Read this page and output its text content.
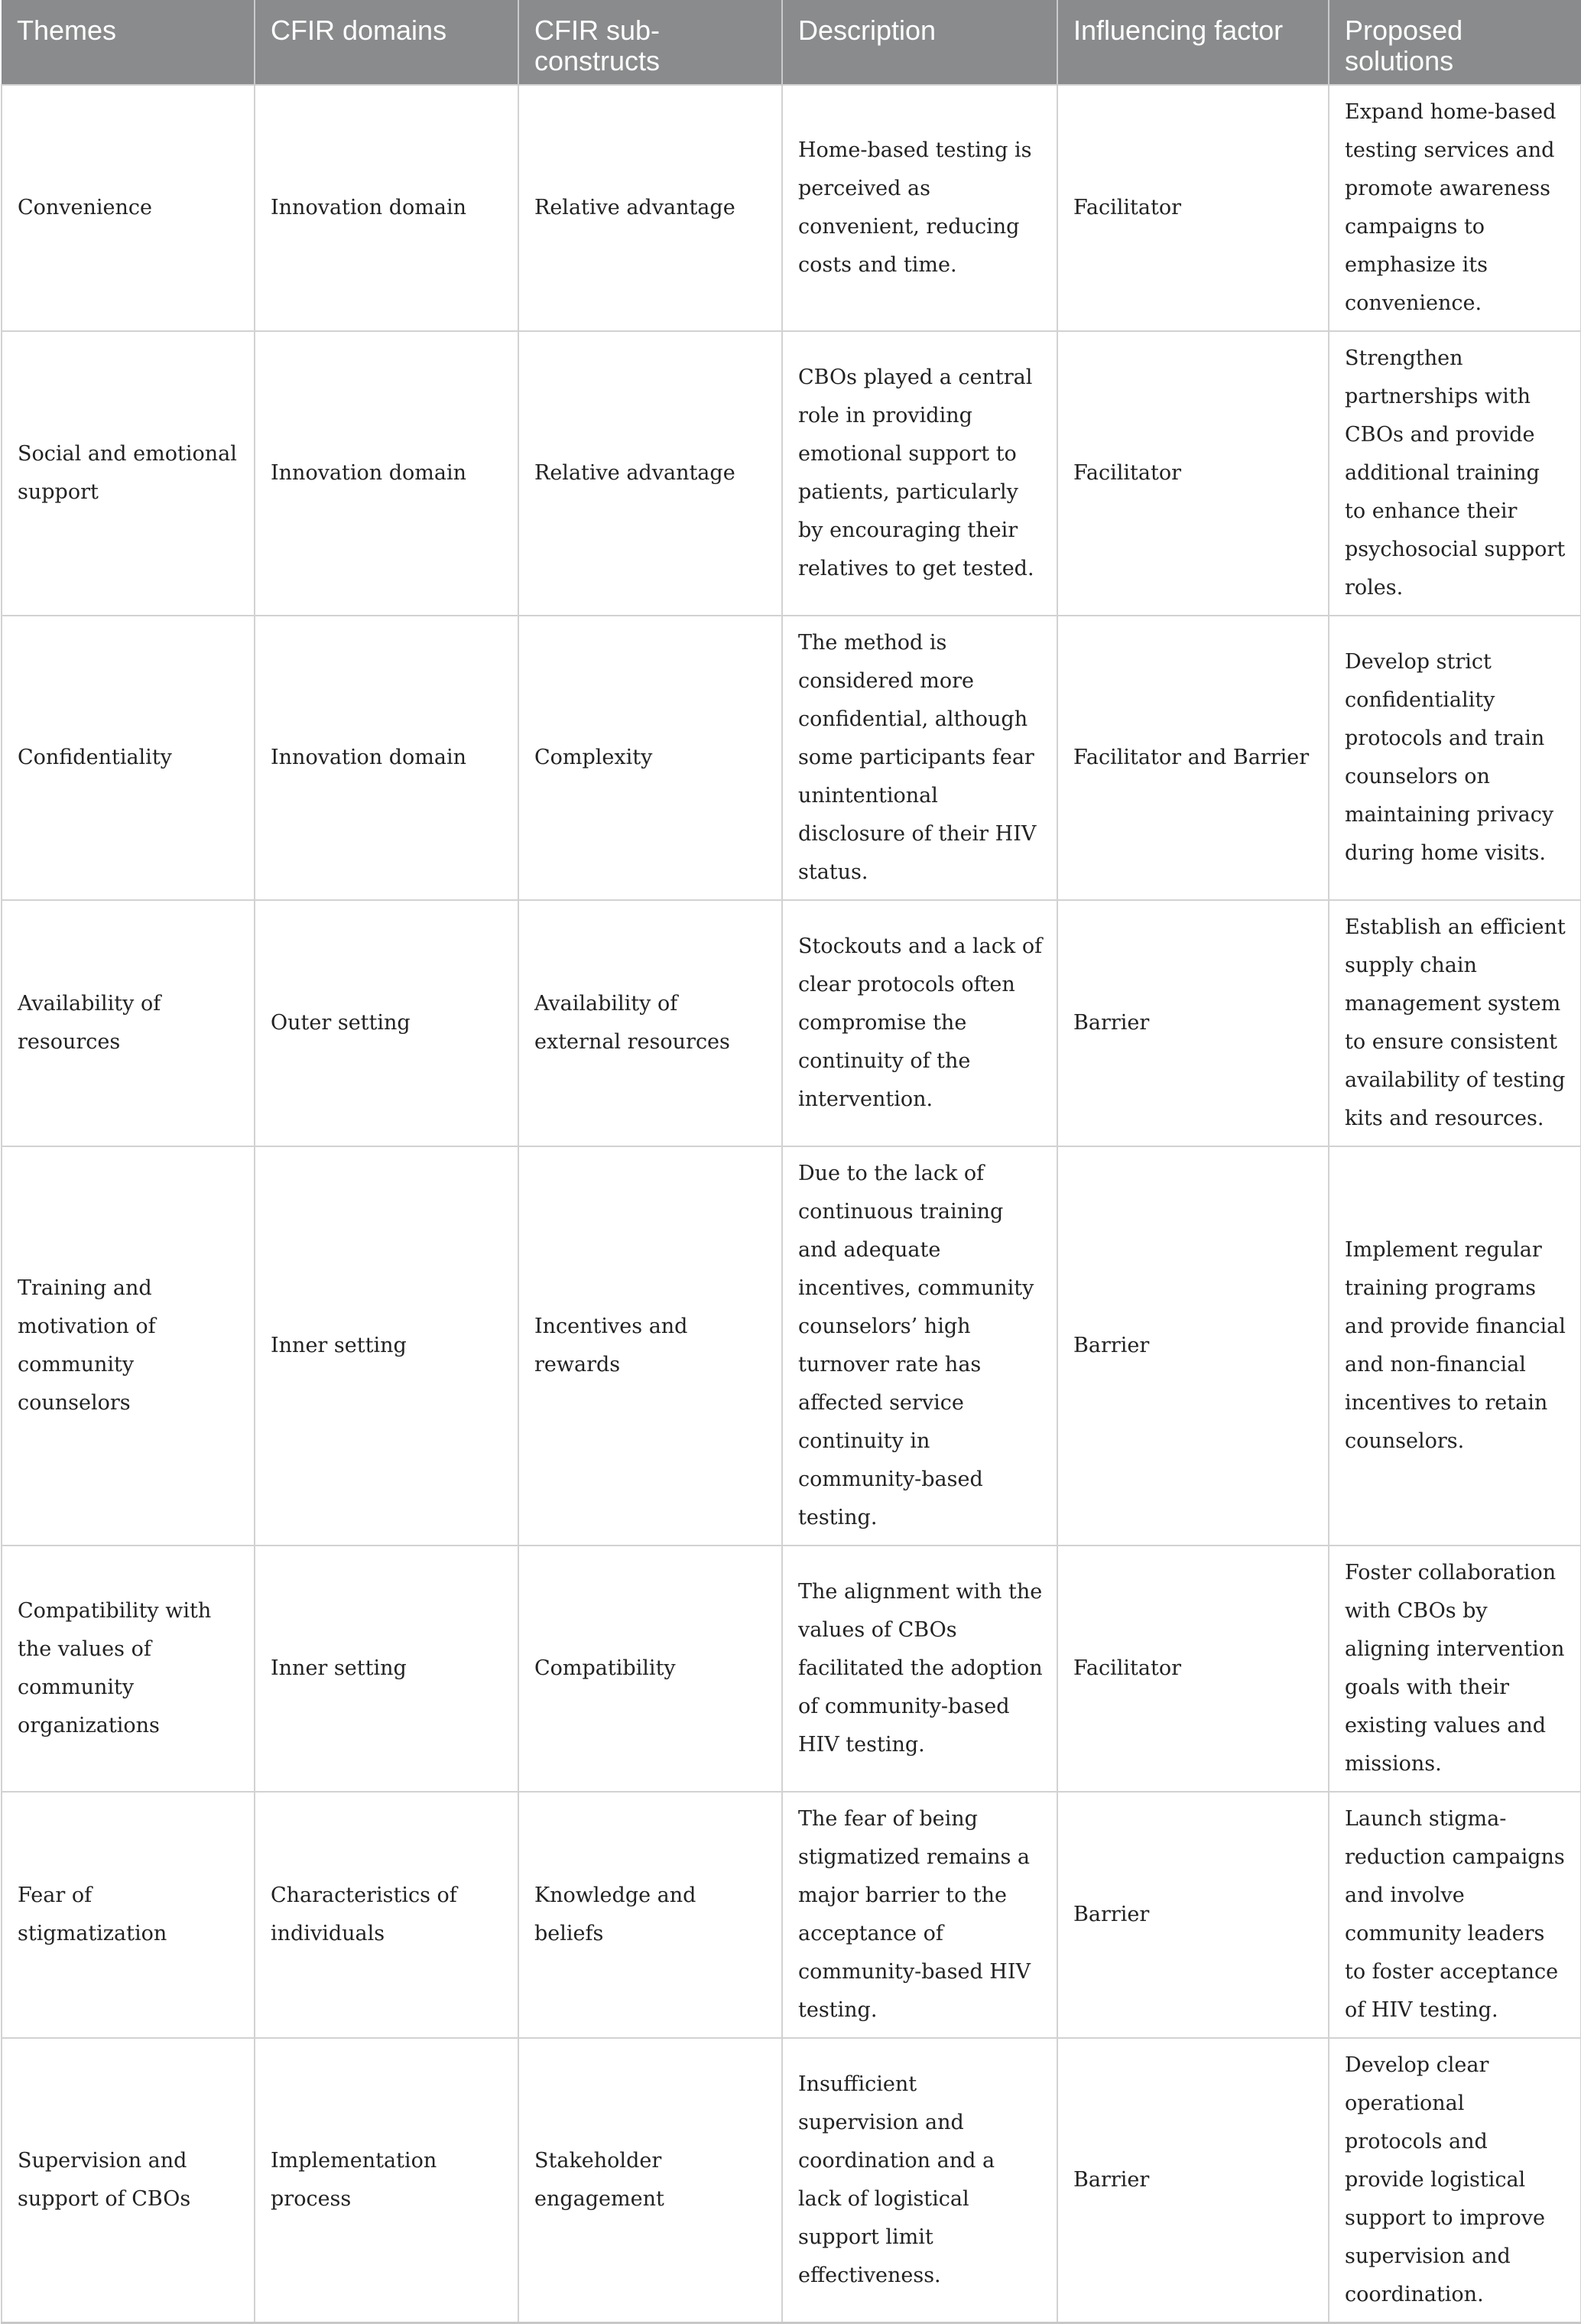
Themes	CFIR domains	CFIR sub-constructs	Description	Influencing factor	Proposed solutions
Convenience	Innovation domain	Relative advantage	Home-based testing is perceived as convenient, reducing costs and time.	Facilitator	Expand home-based testing services and promote awareness campaigns to emphasize its convenience.
Social and emotional support	Innovation domain	Relative advantage	CBOs played a central role in providing emotional support to patients, particularly by encouraging their relatives to get tested.	Facilitator	Strengthen partnerships with CBOs and provide additional training to enhance their psychosocial support roles.
Confidentiality	Innovation domain	Complexity	The method is considered more confidential, although some participants fear unintentional disclosure of their HIV status.	Facilitator and Barrier	Develop strict confidentiality protocols and train counselors on maintaining privacy during home visits.
Availability of resources	Outer setting	Availability of external resources	Stockouts and a lack of clear protocols often compromise the continuity of the intervention.	Barrier	Establish an efficient supply chain management system to ensure consistent availability of testing kits and resources.
Training and motivation of community counselors	Inner setting	Incentives and rewards	Due to the lack of continuous training and adequate incentives, community counselors’ high turnover rate has affected service continuity in community-based testing.	Barrier	Implement regular training programs and provide financial and non-financial incentives to retain counselors.
Compatibility with the values of community organizations	Inner setting	Compatibility	The alignment with the values of CBOs facilitated the adoption of community-based HIV testing.	Facilitator	Foster collaboration with CBOs by aligning intervention goals with their existing values and missions.
Fear of stigmatization	Characteristics of individuals	Knowledge and beliefs	The fear of being stigmatized remains a major barrier to the acceptance of community-based HIV testing.	Barrier	Launch stigma-reduction campaigns and involve community leaders to foster acceptance of HIV testing.
Supervision and support of CBOs	Implementation process	Stakeholder engagement	Insufficient supervision and coordination and a lack of logistical support limit effectiveness.	Barrier	Develop clear operational protocols and provide logistical support to improve supervision and coordination.
